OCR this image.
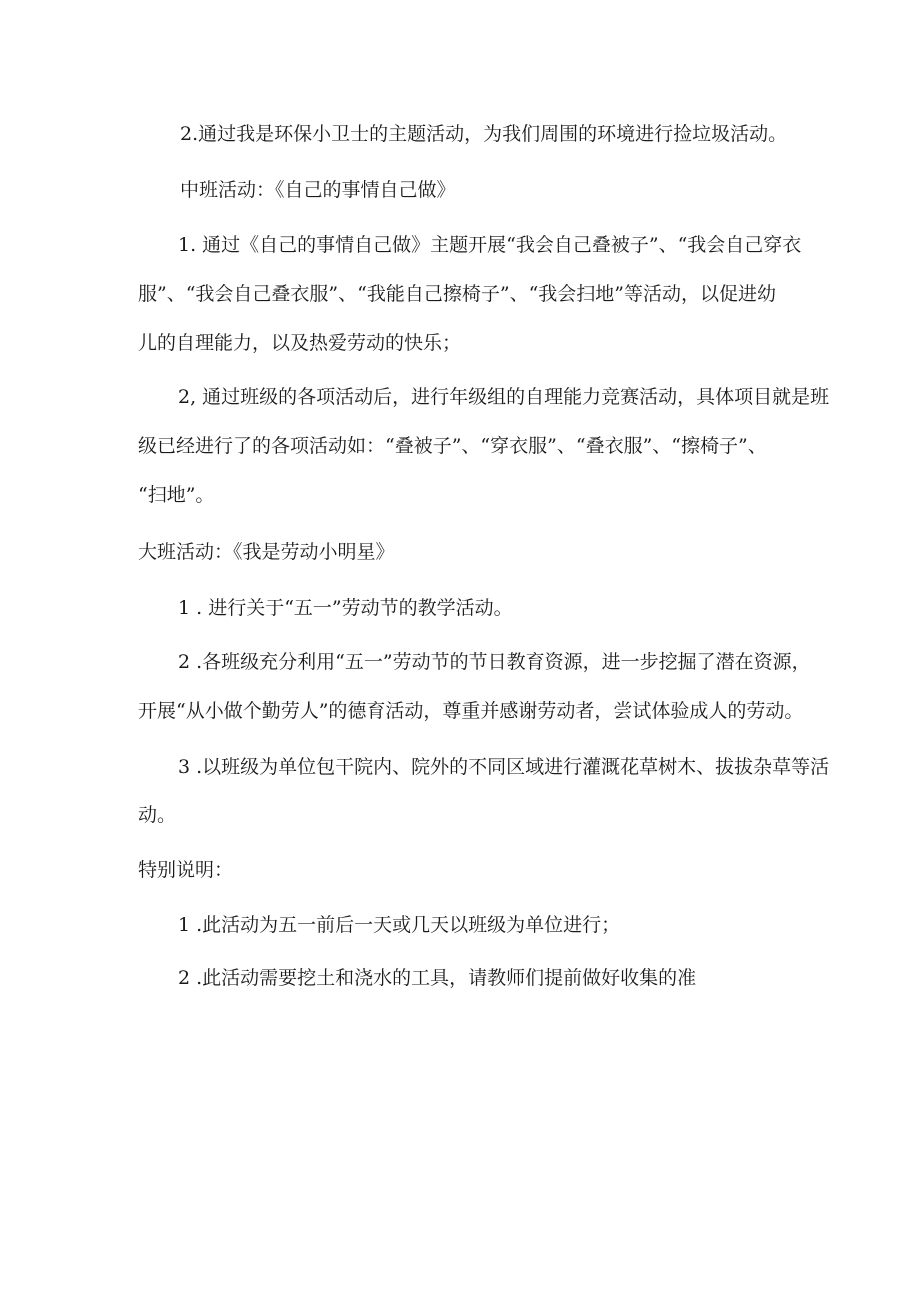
2.通过我是环保小卫士的主题活动，为我们周围的环境进行捡垃圾活动。

中班活动：《自己的事情自己做》

1. 通过《自己的事情自己做》主题开展“我会自己叠被子”、“我会自己穿衣

服”、“我会自己叠衣服”、“我能自己擦椅子”、“我会扫地”等活动，以促进幼

儿的自理能力，以及热爱劳动的快乐；

2, 通过班级的各项活动后，进行年级组的自理能力竞赛活动，具体项目就是班

级已经进行了的各项活动如：“叠被子”、“穿衣服”、“叠衣服”、“擦椅子”、

“扫地”。

大班活动：《我是劳动小明星》

1 . 进行关于“五一”劳动节的教学活动。

2 .各班级充分利用“五一”劳动节的节日教育资源，进一步挖掘了潜在资源，

开展“从小做个勤劳人”的德育活动，尊重并感谢劳动者，尝试体验成人的劳动。

3 .以班级为单位包干院内、院外的不同区域进行灌溉花草树木、拔拔杂草等活

动。

特别说明：

1 .此活动为五一前后一天或几天以班级为单位进行；

2 .此活动需要挖土和浇水的工具，请教师们提前做好收集的准
